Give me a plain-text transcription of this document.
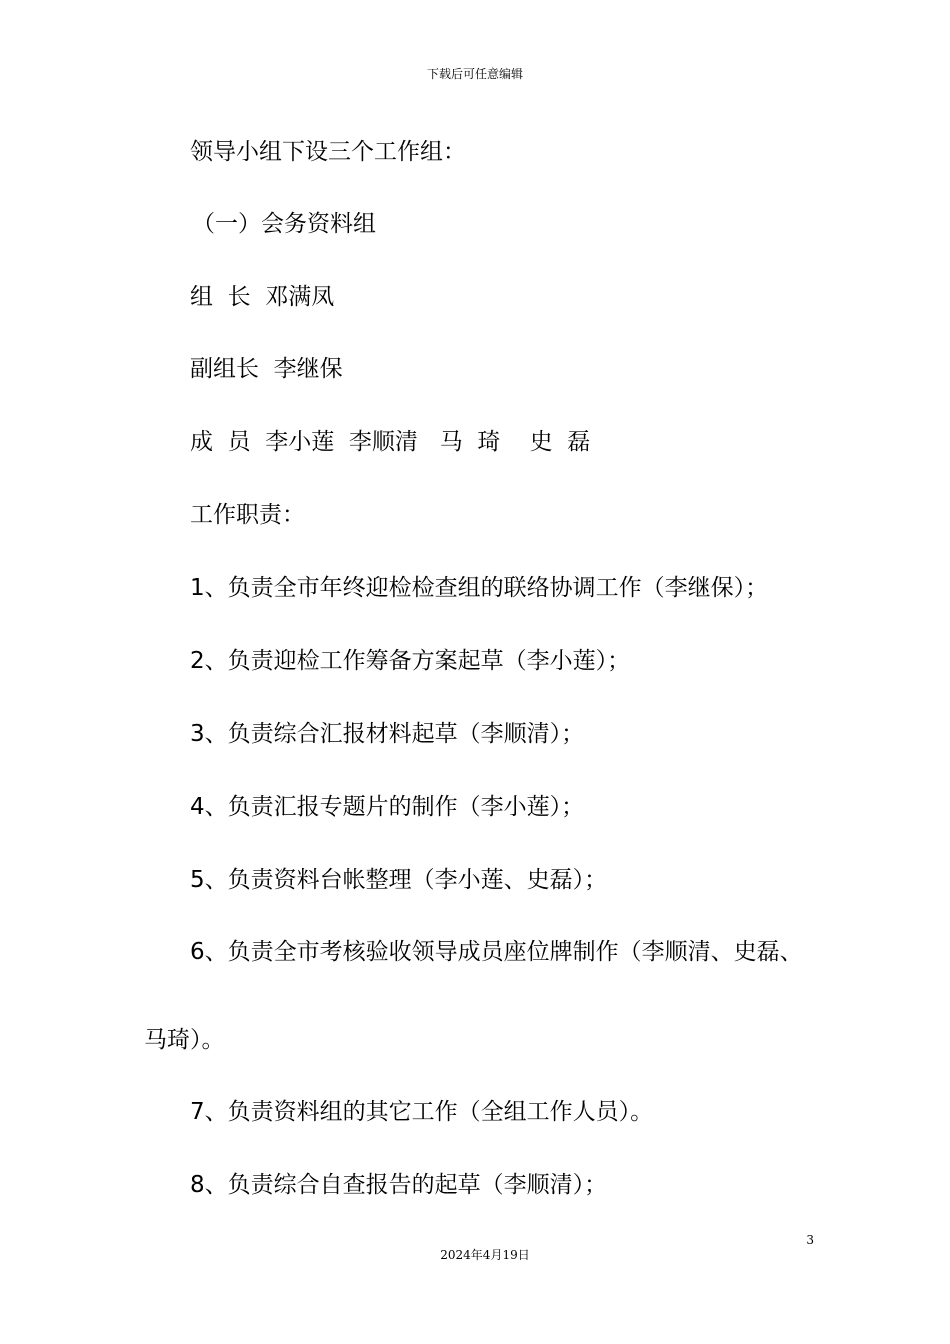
下载后可任意编辑
领导小组下设三个工作组：
（一）会务资料组
组  长  邓满凤
副组长  李继保
成  员  李小莲  李顺清   马  琦    史  磊
工作职责：
1、负责全市年终迎检检查组的联络协调工作（李继保）；
2、负责迎检工作筹备方案起草（李小莲）；
3、负责综合汇报材料起草（李顺清）；
4、负责汇报专题片的制作（李小莲）；
5、负责资料台帐整理（李小莲、史磊）；
6、负责全市考核验收领导成员座位牌制作（李顺清、史磊、
马琦）。
7、负责资料组的其它工作（全组工作人员）。
8、负责综合自查报告的起草（李顺清）；
3
2024年4月19日
